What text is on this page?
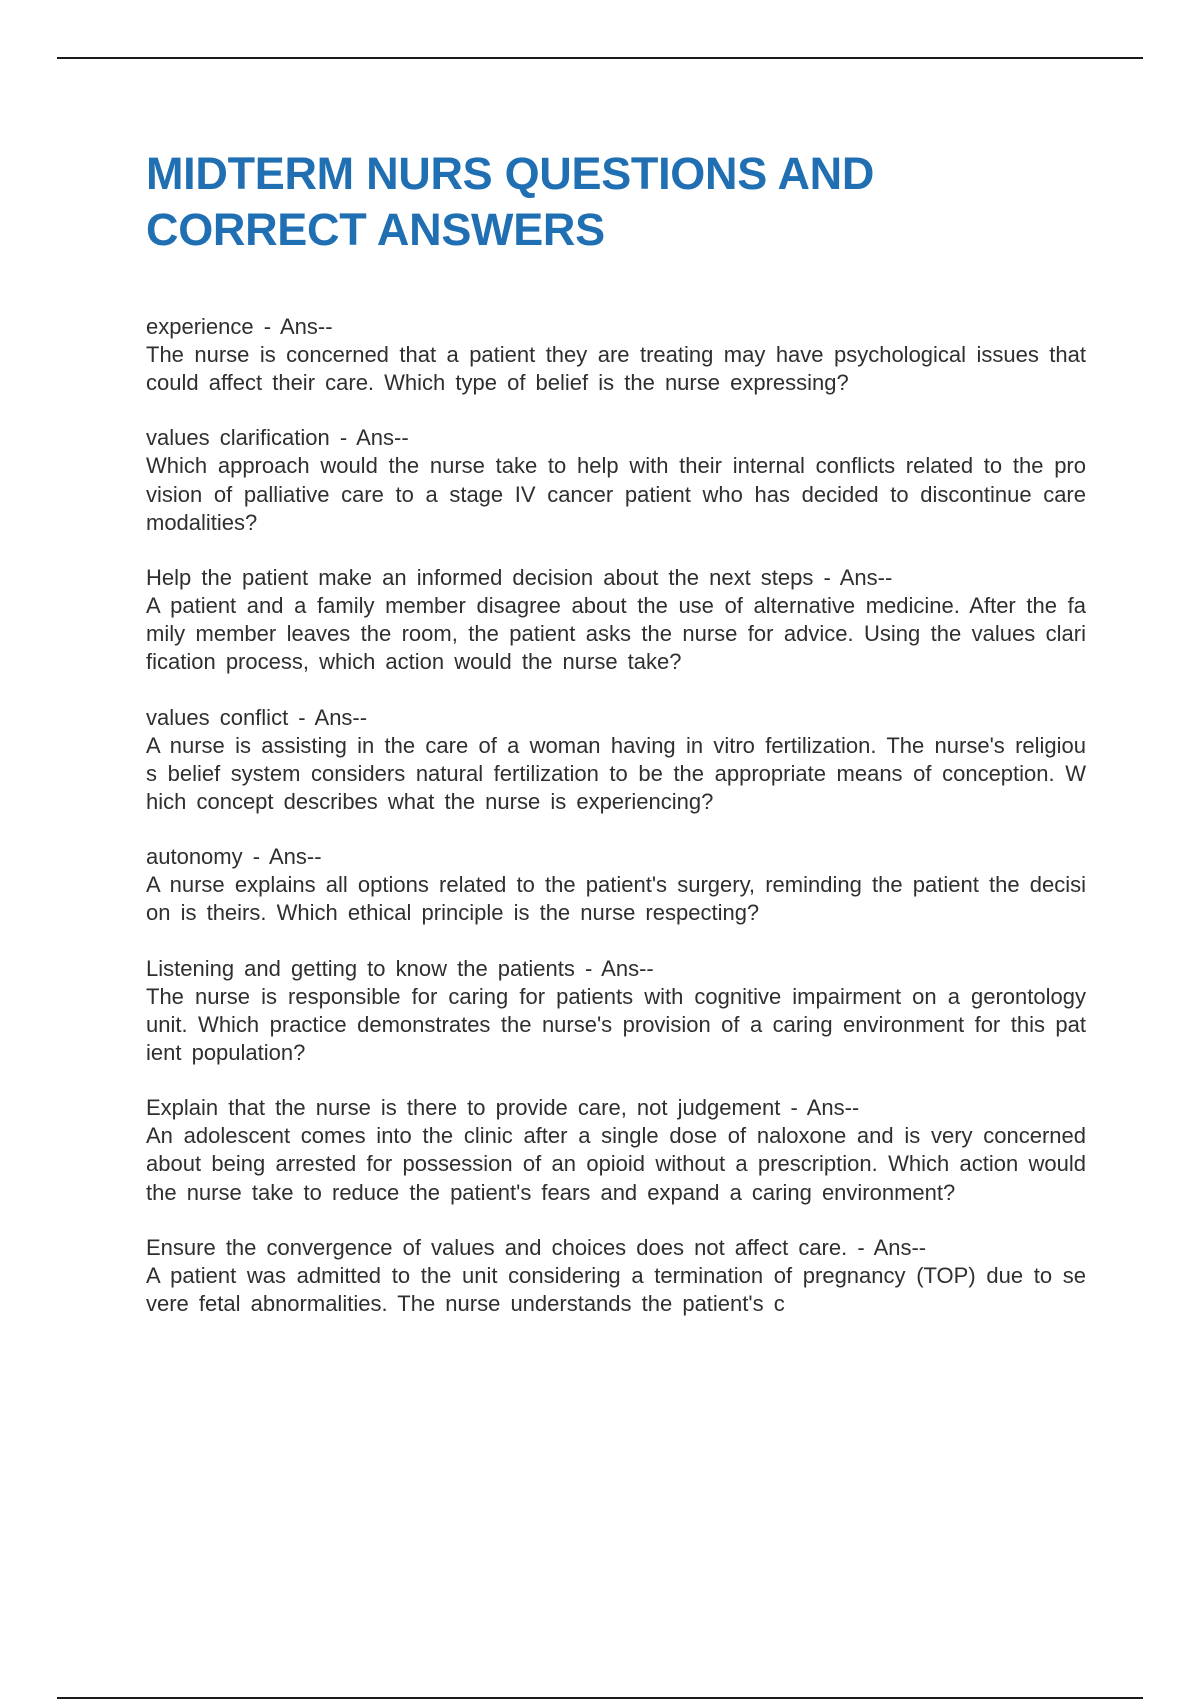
MIDTERM NURS QUESTIONS AND CORRECT ANSWERS
experience - Ans--
The nurse is concerned that a patient they are treating may have psychological issues that could affect their care. Which type of belief is the nurse expressing?
values clarification - Ans--
Which approach would the nurse take to help with their internal conflicts related to the provision of palliative care to a stage IV cancer patient who has decided to discontinue care modalities?
Help the patient make an informed decision about the next steps - Ans--
A patient and a family member disagree about the use of alternative medicine. After the family member leaves the room, the patient asks the nurse for advice. Using the values clarification process, which action would the nurse take?
values conflict - Ans--
A nurse is assisting in the care of a woman having in vitro fertilization. The nurse's religious belief system considers natural fertilization to be the appropriate means of conception. Which concept describes what the nurse is experiencing?
autonomy - Ans--
A nurse explains all options related to the patient's surgery, reminding the patient the decision is theirs. Which ethical principle is the nurse respecting?
Listening and getting to know the patients - Ans--
The nurse is responsible for caring for patients with cognitive impairment on a gerontology unit. Which practice demonstrates the nurse's provision of a caring environment for this patient population?
Explain that the nurse is there to provide care, not judgement - Ans--
An adolescent comes into the clinic after a single dose of naloxone and is very concerned about being arrested for possession of an opioid without a prescription. Which action would the nurse take to reduce the patient's fears and expand a caring environment?
Ensure the convergence of values and choices does not affect care. - Ans--
A patient was admitted to the unit considering a termination of pregnancy (TOP) due to severe fetal abnormalities. The nurse understands the patient's c
